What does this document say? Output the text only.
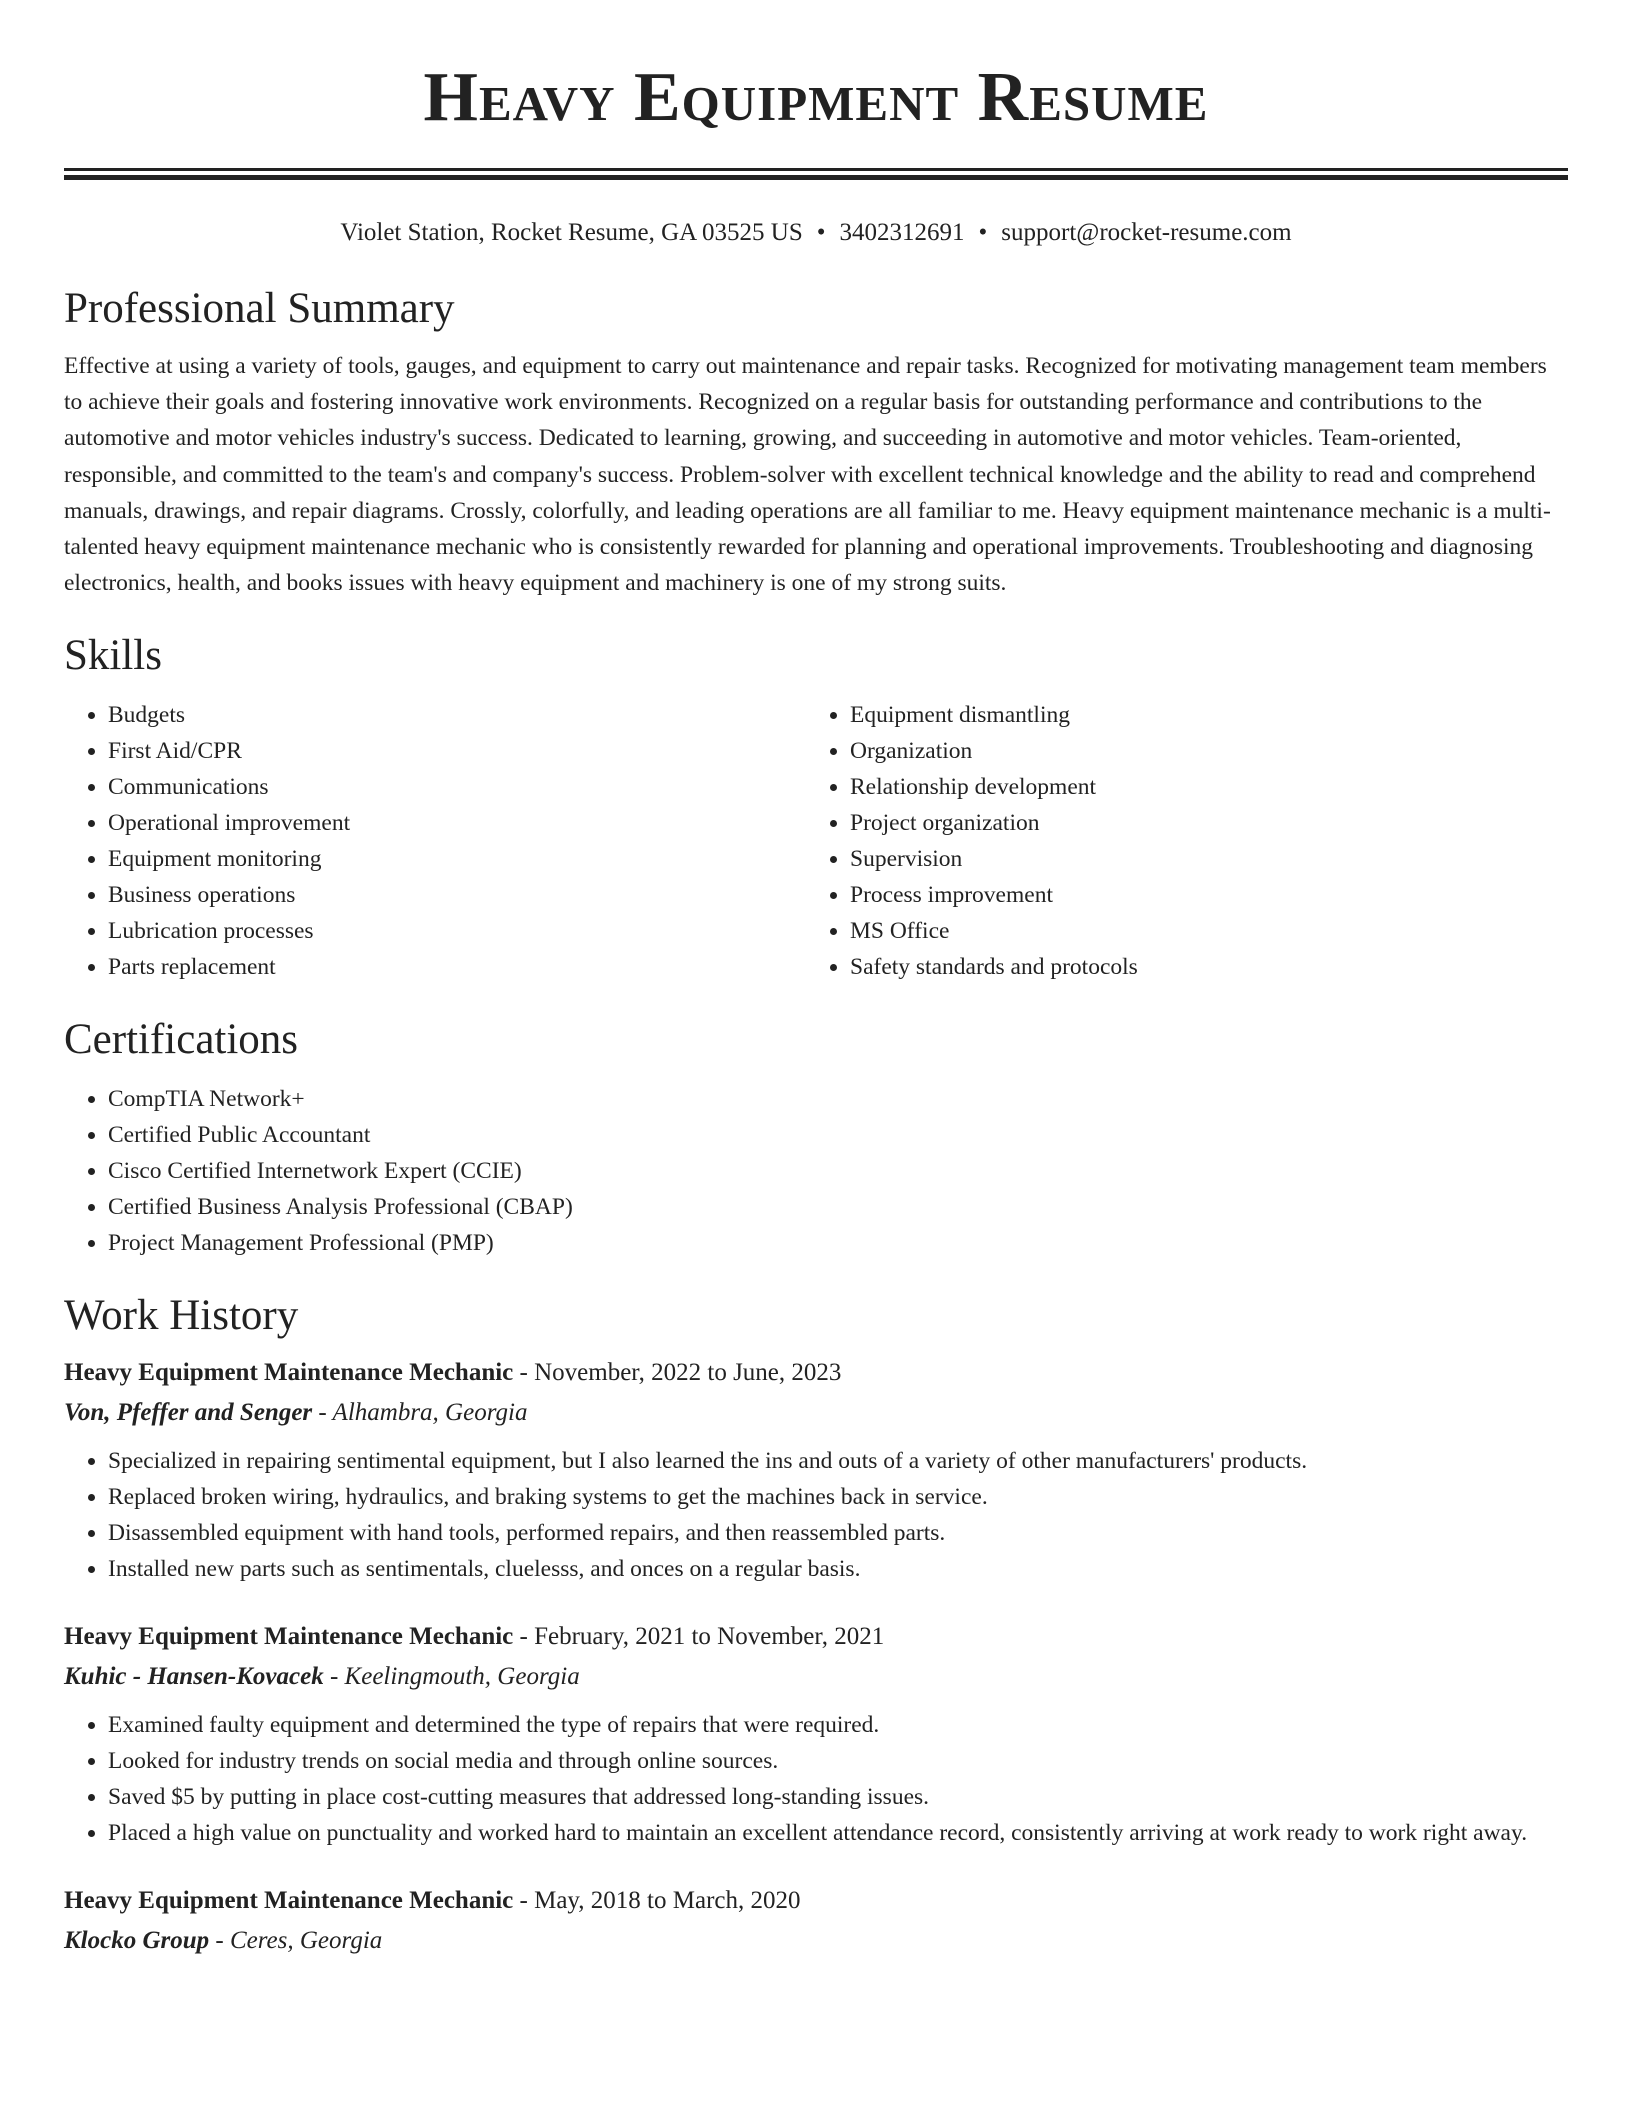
Heavy Equipment Resume
Violet Station, Rocket Resume, GA 03525 US • 3402312691 • support@rocket-resume.com
Professional Summary

Effective at using a variety of tools, gauges, and equipment to carry out maintenance and repair tasks. Recognized for motivating management team members to achieve their goals and fostering innovative work environments. Recognized on a regular basis for outstanding performance and contributions to the automotive and motor vehicles industry's success. Dedicated to learning, growing, and succeeding in automotive and motor vehicles. Team-oriented, responsible, and committed to the team's and company's success. Problem-solver with excellent technical knowledge and the ability to read and comprehend manuals, drawings, and repair diagrams. Crossly, colorfully, and leading operations are all familiar to me. Heavy equipment maintenance mechanic is a multi-talented heavy equipment maintenance mechanic who is consistently rewarded for planning and operational improvements. Troubleshooting and diagnosing electronics, health, and books issues with heavy equipment and machinery is one of my strong suits.

Skills
• Budgets
• First Aid/CPR
• Communications
• Operational improvement
• Equipment monitoring
• Business operations
• Lubrication processes
• Parts replacement
• Equipment dismantling
• Organization
• Relationship development
• Project organization
• Supervision
• Process improvement
• MS Office
• Safety standards and protocols
Certifications
• CompTIA Network+
• Certified Public Accountant
• Cisco Certified Internetwork Expert (CCIE)
• Certified Business Analysis Professional (CBAP)
• Project Management Professional (PMP)
Work History
Heavy Equipment Maintenance Mechanic - November, 2022 to June, 2023
Von, Pfeffer and Senger - Alhambra, Georgia
• Specialized in repairing sentimental equipment, but I also learned the ins and outs of a variety of other manufacturers' products.
• Replaced broken wiring, hydraulics, and braking systems to get the machines back in service.
• Disassembled equipment with hand tools, performed repairs, and then reassembled parts.
• Installed new parts such as sentimentals, cluelesss, and onces on a regular basis.
Heavy Equipment Maintenance Mechanic - February, 2021 to November, 2021
Kuhic - Hansen-Kovacek - Keelingmouth, Georgia
• Examined faulty equipment and determined the type of repairs that were required.
• Looked for industry trends on social media and through online sources.
• Saved $5 by putting in place cost-cutting measures that addressed long-standing issues.
• Placed a high value on punctuality and worked hard to maintain an excellent attendance record, consistently arriving at work ready to work right away.
Heavy Equipment Maintenance Mechanic - May, 2018 to March, 2020
Klocko Group - Ceres, Georgia
